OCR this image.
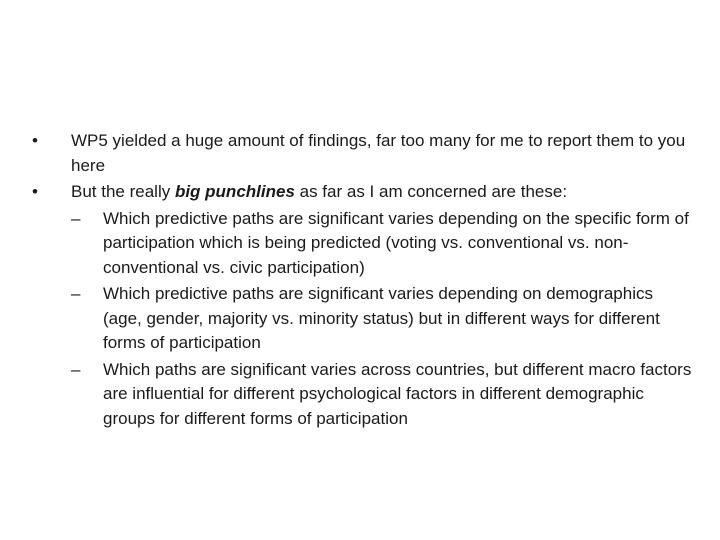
•	WP5 yielded a huge amount of findings, far too many for me to report them to you here
•	But the really big punchlines as far as I am concerned are these:
–	Which predictive paths are significant varies depending on the specific form of participation which is being predicted (voting vs. conventional vs. non-conventional vs. civic participation)
–	Which predictive paths are significant varies depending on demographics (age, gender, majority vs. minority status) but in different ways for different forms of participation
–	Which paths are significant varies across countries, but different macro factors are influential for different psychological factors in different demographic groups for different forms of participation
